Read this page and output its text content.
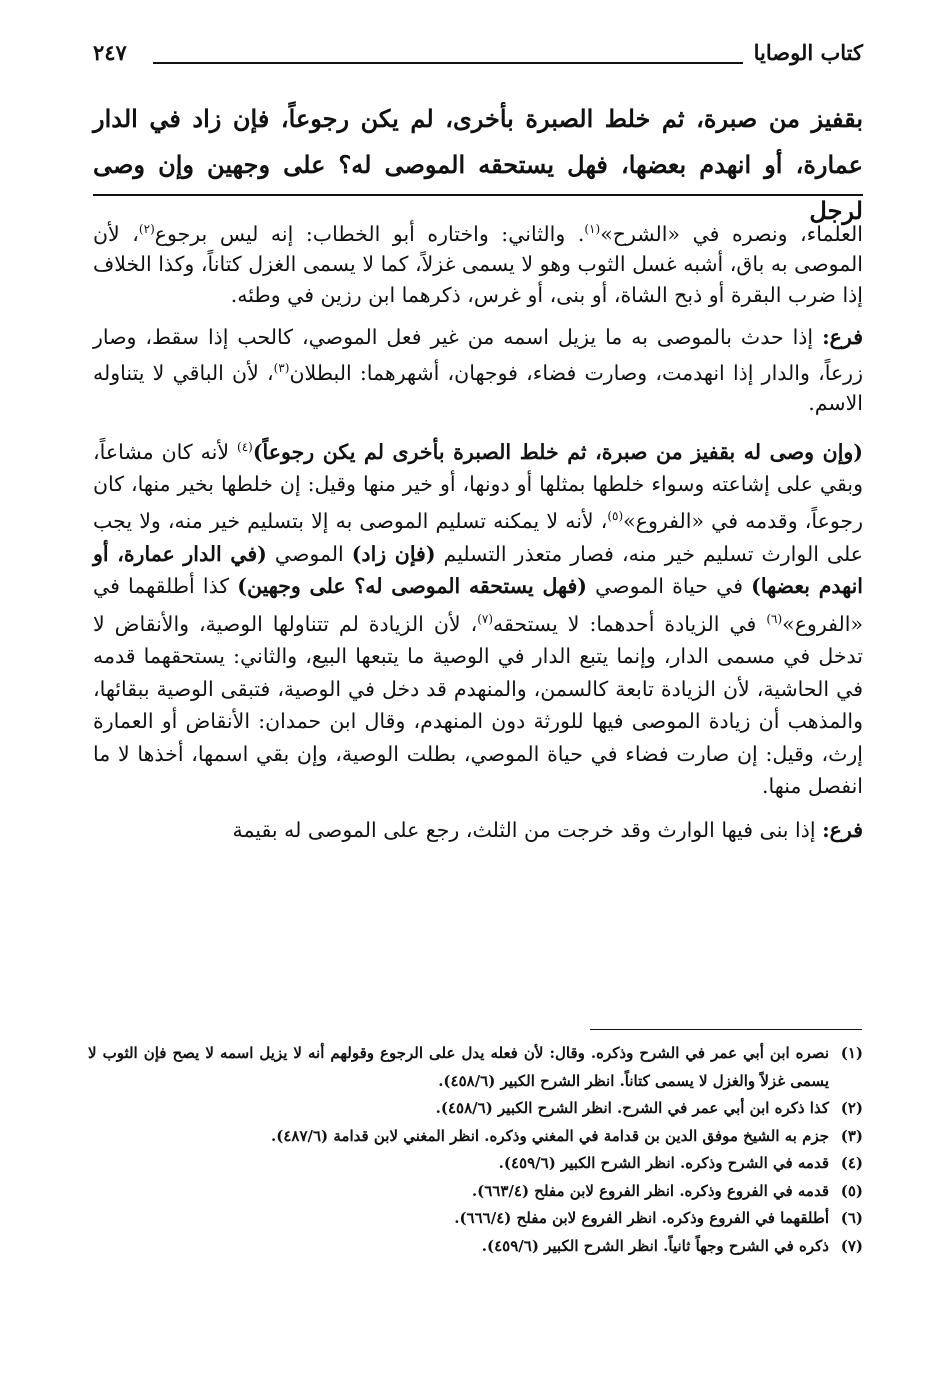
٢٤٧	كتاب الوصايا
بقفيز من صبرة، ثم خلط الصبرة بأخرى، لم يكن رجوعاً، فإن زاد في الدار عمارة، أو انهدم بعضها، فهل يستحقه الموصى له؟ على وجهين وإن وصى لرجل

العلماء، ونصره في «الشرح»$^{(١)}$. والثاني: واختاره أبو الخطاب: إنه ليس برجوع$^{(٢)}$، لأن الموصى به باق، أشبه غسل الثوب وهو لا يسمى غزلاً، كما لا يسمى الغزل كتاناً، وكذا الخلاف إذا ضرب البقرة أو ذبح الشاة، أو بنى، أو غرس، ذكرهما ابن رزين في وطئه.

فرع: إذا حدث بالموصى به ما يزيل اسمه من غير فعل الموصي، كالحب إذا سقط، وصار زرعاً، والدار إذا انهدمت، وصارت فضاء، فوجهان، أشهرهما: البطلان$^{(٣)}$، لأن الباقي لا يتناوله الاسم.

(وإن وصى له بقفيز من صبرة، ثم خلط الصبرة بأخرى لم يكن رجوعاً)$^{(٤)}$ لأنه كان مشاعاً، وبقي على إشاعته وسواء خلطها بمثلها أو دونها، أو خير منها وقيل: إن خلطها بخير منها، كان رجوعاً، وقدمه في «الفروع»$^{(٥)}$، لأنه لا يمكنه تسليم الموصى به إلا بتسليم خير منه، ولا يجب على الوارث تسليم خير منه، فصار متعذر التسليم (فإن زاد) الموصي (في الدار عمارة، أو انهدم بعضها) في حياة الموصي (فهل يستحقه الموصى له؟ على وجهين) كذا أطلقهما في «الفروع»$^{(٦)}$ في الزيادة أحدهما: لا يستحقه$^{(٧)}$، لأن الزيادة لم تتناولها الوصية، والأنقاض لا تدخل في مسمى الدار، وإنما يتبع الدار في الوصية ما يتبعها البيع، والثاني: يستحقهما قدمه في الحاشية، لأن الزيادة تابعة كالسمن، والمنهدم قد دخل في الوصية، فتبقى الوصية ببقائها، والمذهب أن زيادة الموصى فيها للورثة دون المنهدم، وقال ابن حمدان: الأنقاض أو العمارة إرث، وقيل: إن صارت فضاء في حياة الموصي، بطلت الوصية، وإن بقي اسمها، أخذها لا ما انفصل منها.

فرع: إذا بنى فيها الوارث وقد خرجت من الثلث، رجع على الموصى له بقيمة

(١)
نصره ابن أبي عمر في الشرح وذكره. وقال: لأن فعله يدل على الرجوع وقولهم أنه لا يزيل اسمه لا يصح فإن الثوب لا يسمى غزلاً والغزل لا يسمى كتاناً. انظر الشرح الكبير (٤٥٨/٦).
(٢)
كذا ذكره ابن أبي عمر في الشرح. انظر الشرح الكبير (٤٥٨/٦).
(٣)
جزم به الشيخ موفق الدين بن قدامة في المغني وذكره. انظر المغني لابن قدامة (٤٨٧/٦).
(٤)
قدمه في الشرح وذكره. انظر الشرح الكبير (٤٥٩/٦).
(٥)
قدمه في الفروع وذكره. انظر الفروع لابن مفلح (٦٦٣/٤).
(٦)
أطلقهما في الفروع وذكره. انظر الفروع لابن مفلح (٦٦٦/٤).
(٧)
ذكره في الشرح وجهاً ثانياً. انظر الشرح الكبير (٤٥٩/٦).
